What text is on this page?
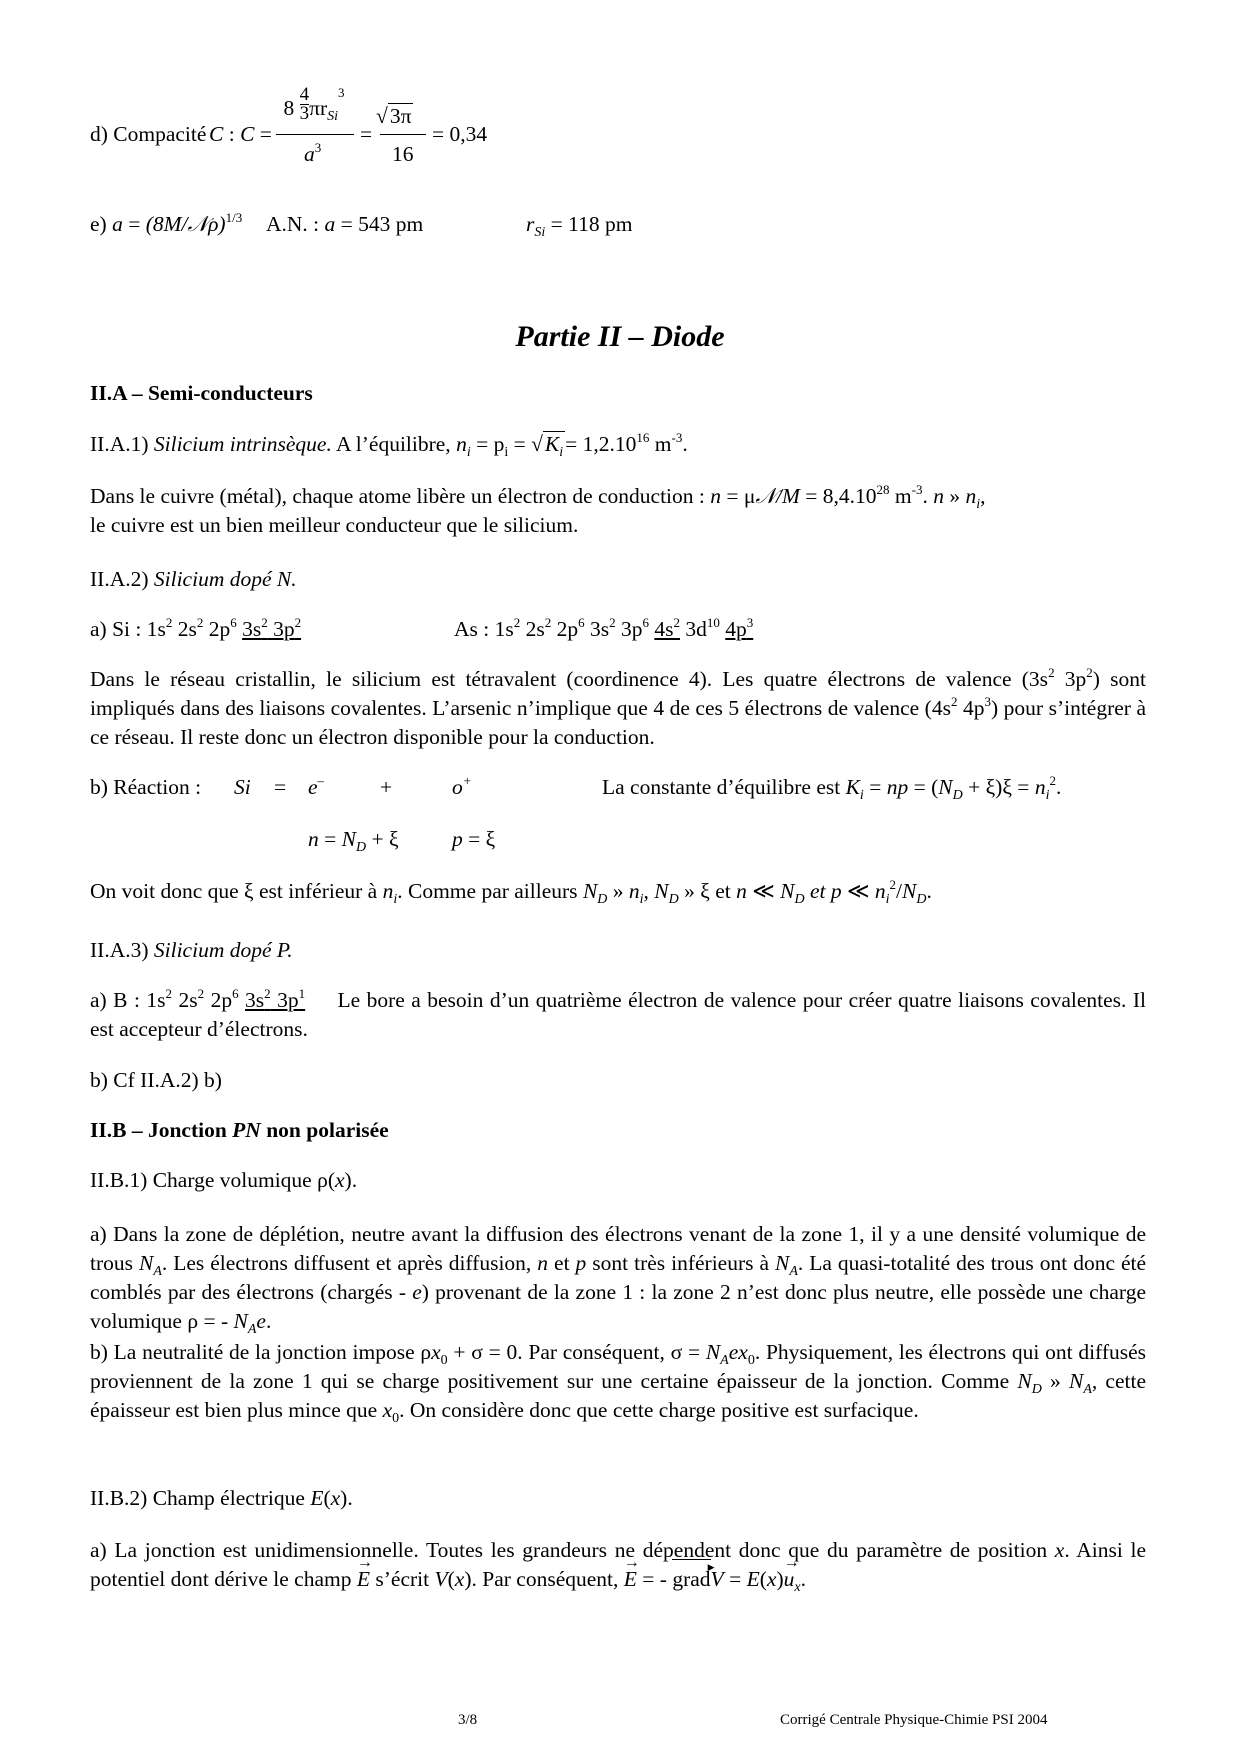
d) Compacité C : C =
$8 \frac{4}{3} \pi r_{Si}^3$
$a^3$
=
√3π
16
= 0,34
e) a = (8M/𝒩ρ)$^{1/3}$ A.N. : a = 543 pm	$r_{Si} = 118$ pm
Partie II – Diode
II.A – Semi-conducteurs
II.A.1) Silicium intrinsèque. A l’équilibre, $n_i = p_i = √K_i= 1,2.10^{16}$ $m^{-3}$.
Dans le cuivre (métal), chaque atome libère un électron de conduction : n = μ𝒩/M = $8,4.10^{28}$ $m^{-3}$. n » $n_i$,
le cuivre est un bien meilleur conducteur que le silicium.
II.A.2) Silicium dopé N.
a) Si : $1s^2$ $2s^2$ $2p^6$ $3s^2$ $3p^2$	As : $1s^2$ $2s^2$ $2p^6$ $3s^2$ $3p^6$ $4s^2$ $3d^{10}$ $4p^3$
Dans le réseau cristallin, le silicium est tétravalent (coordinence 4). Les quatre électrons de valence ($3s^2$ $3p^2$) sont impliqués dans des liaisons covalentes. L’arsenic n’implique que 4 de ces 5 électrons de valence ($4s^2$ $4p^3$) pour s’intégrer à ce réseau. Il reste donc un électron disponible pour la conduction.
b) Réaction : Si = e–	+	o+	La constante d’équilibre est $K_i$ = np = $(N_D + \xi)\xi = n_i^2$.
$n = N_D + \xi$ p = ξ
On voit donc que ξ est inférieur à $n_i$. Comme par ailleurs $N_D$ » $n_i$, $N_D$ » ξ et n ≪ $N_D$ et p ≪ $n_i^2/N_D$.
II.A.3) Silicium dopé P.
a) B : $1s^2$ $2s^2$ $2p^6$ $3s^2$ $3p^1$ Le bore a besoin d’un quatrième électron de valence pour créer quatre liaisons covalentes. Il est accepteur d’électrons.
b) Cf II.A.2) b)
II.B – Jonction PN non polarisée
II.B.1) Charge volumique ρ(x).
a) Dans la zone de déplétion, neutre avant la diffusion des électrons venant de la zone 1, il y a une densité volumique de trous $N_A$. Les électrons diffusent et après diffusion, n et p sont très inférieurs à $N_A$. La quasi-totalité des trous ont donc été comblés par des électrons (chargés - e) provenant de la zone 1 : la zone 2 n’est donc plus neutre, elle possède une charge volumique ρ = - $N_Ae$.
b) La neutralité de la jonction impose $\rho x_0 + \sigma = 0$. Par conséquent, $\sigma = N_Aex_0$. Physiquement, les électrons qui ont diffusés proviennent de la zone 1 qui se charge positivement sur une certaine épaisseur de la jonction. Comme $N_D$ » $N_A$, cette épaisseur est bien plus mince que $x_0$. On considère donc que cette charge positive est surfacique.
II.B.2) Champ électrique E(x).
a) La jonction est unidimensionnelle. Toutes les grandeurs ne dépendent donc que du paramètre de position x. Ainsi le potentiel dont dérive le champ → E s’écrit V(x). Par conséquent, → E = - grad ▶V = $E(x)\to u_x$.
3/8	Corrigé Centrale Physique-Chimie PSI 2004
